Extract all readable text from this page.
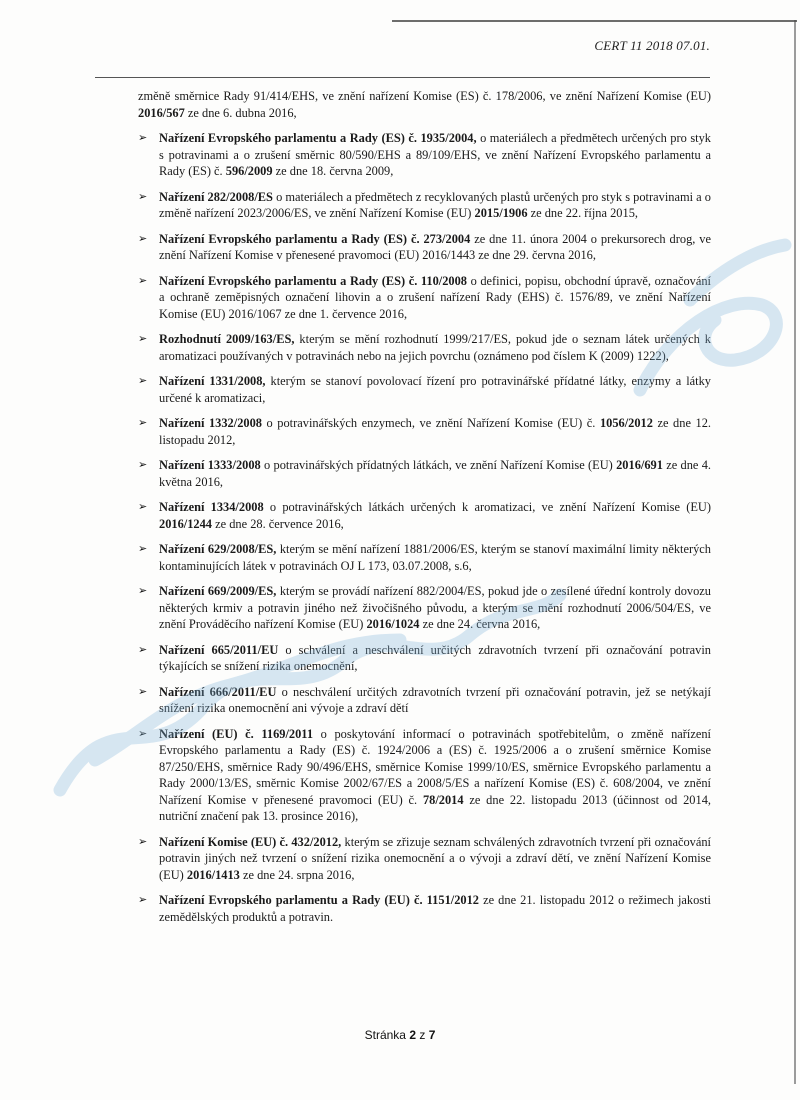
CERT 11 2018 07.01.

změně směrnice Rady 91/414/EHS, ve znění nařízení Komise (ES) č. 178/2006, ve znění Nařízení Komise (EU) 2016/567 ze dne 6. dubna 2016,

➢ Nařízení Evropského parlamentu a Rady (ES) č. 1935/2004, o materiálech a předmětech určených pro styk s potravinami a o zrušení směrnic 80/590/EHS a 89/109/EHS, ve znění Nařízení Evropského parlamentu a Rady (ES) č. 596/2009 ze dne 18. června 2009,
➢ Nařízení 282/2008/ES o materiálech a předmětech z recyklovaných plastů určených pro styk s potravinami a o změně nařízení 2023/2006/ES, ve znění Nařízení Komise (EU) 2015/1906 ze dne 22. října 2015,
➢ Nařízení Evropského parlamentu a Rady (ES) č. 273/2004 ze dne 11. února 2004 o prekursorech drog, ve znění Nařízení Komise v přenesené pravomoci (EU) 2016/1443 ze dne 29. června 2016,
➢ Nařízení Evropského parlamentu a Rady (ES) č. 110/2008 o definici, popisu, obchodní úpravě, označování a ochraně zeměpisných označení lihovin a o zrušení nařízení Rady (EHS) č. 1576/89, ve znění Nařízení Komise (EU) 2016/1067 ze dne 1. července 2016,
➢ Rozhodnutí 2009/163/ES, kterým se mění rozhodnutí 1999/217/ES, pokud jde o seznam látek určených k aromatizaci používaných v potravinách nebo na jejich povrchu (oznámeno pod číslem K (2009) 1222),
➢ Nařízení 1331/2008, kterým se stanoví povolovací řízení pro potravinářské přídatné látky, enzymy a látky určené k aromatizaci,
➢ Nařízení 1332/2008 o potravinářských enzymech, ve znění Nařízení Komise (EU) č. 1056/2012 ze dne 12. listopadu 2012,
➢ Nařízení 1333/2008 o potravinářských přídatných látkách, ve znění Nařízení Komise (EU) 2016/691 ze dne 4. května 2016,
➢ Nařízení 1334/2008 o potravinářských látkách určených k aromatizaci, ve znění Nařízení Komise (EU) 2016/1244 ze dne 28. července 2016,
➢ Nařízení 629/2008/ES, kterým se mění nařízení 1881/2006/ES, kterým se stanoví maximální limity některých kontaminujících látek v potravinách OJ L 173, 03.07.2008, s.6,
➢ Nařízení 669/2009/ES, kterým se provádí nařízení 882/2004/ES, pokud jde o zesílené úřední kontroly dovozu některých krmiv a potravin jiného než živočišného původu, a kterým se mění rozhodnutí 2006/504/ES, ve znění Prováděcího nařízení Komise (EU) 2016/1024 ze dne 24. června 2016,
➢ Nařízení 665/2011/EU o schválení a neschválení určitých zdravotních tvrzení při označování potravin týkajících se snížení rizika onemocnění,
➢ Nařízení 666/2011/EU o neschválení určitých zdravotních tvrzení při označování potravin, jež se netýkají snížení rizika onemocnění ani vývoje a zdraví dětí
➢ Nařízení (EU) č. 1169/2011 o poskytování informací o potravinách spotřebitelům, o změně nařízení Evropského parlamentu a Rady (ES) č. 1924/2006 a (ES) č. 1925/2006 a o zrušení směrnice Komise 87/250/EHS, směrnice Rady 90/496/EHS, směrnice Komise 1999/10/ES, směrnice Evropského parlamentu a Rady 2000/13/ES, směrnic Komise 2002/67/ES a 2008/5/ES a nařízení Komise (ES) č. 608/2004, ve znění Nařízení Komise v přenesené pravomoci (EU) č. 78/2014 ze dne 22. listopadu 2013 (účinnost od 2014, nutriční značení pak 13. prosince 2016),
➢ Nařízení Komise (EU) č. 432/2012, kterým se zřizuje seznam schválených zdravotních tvrzení při označování potravin jiných než tvrzení o snížení rizika onemocnění a o vývoji a zdraví dětí, ve znění Nařízení Komise (EU) 2016/1413 ze dne 24. srpna 2016,
➢ Nařízení Evropského parlamentu a Rady (EU) č. 1151/2012 ze dne 21. listopadu 2012 o režimech jakosti zemědělských produktů a potravin.
Stránka 2 z 7
